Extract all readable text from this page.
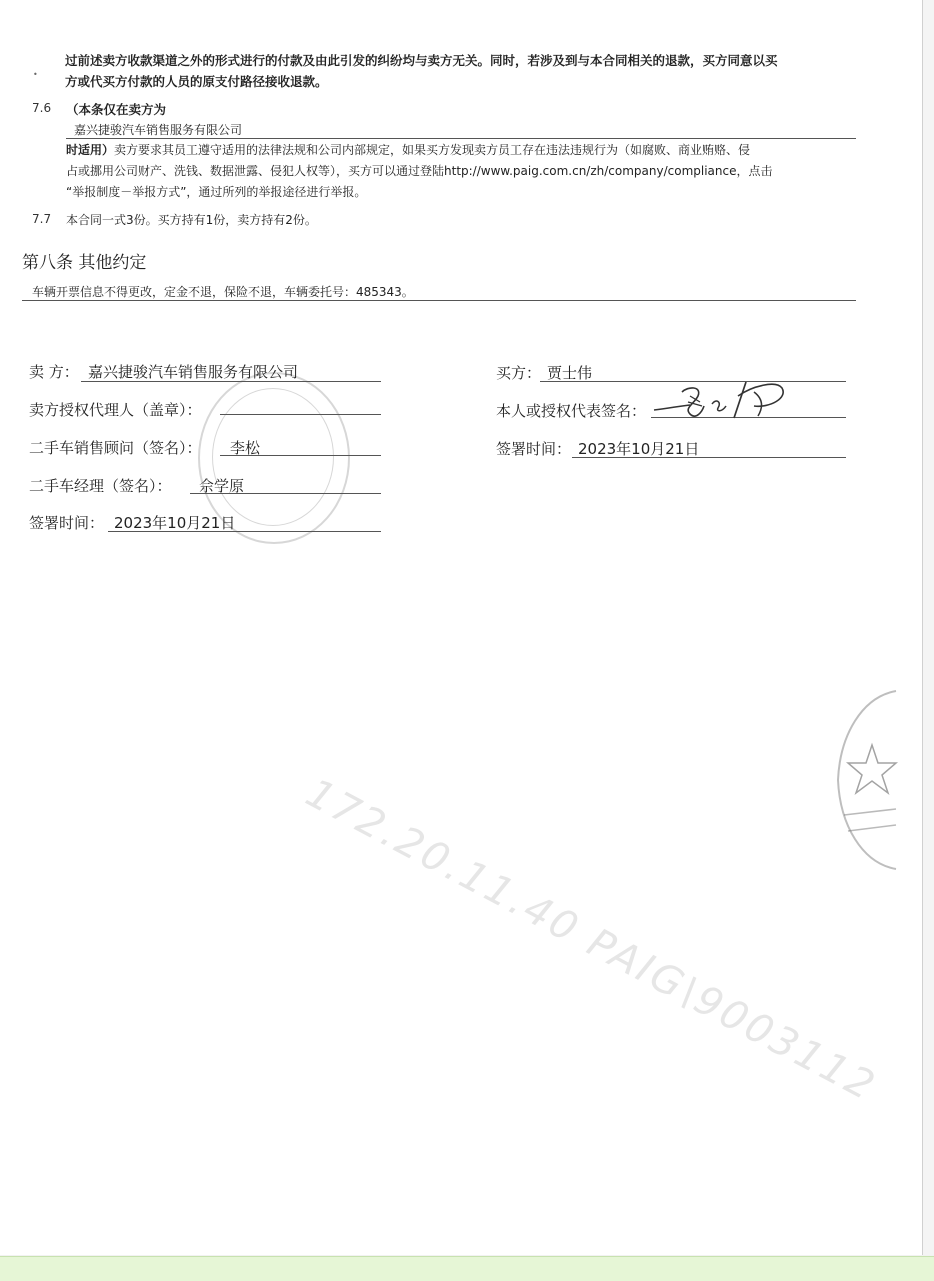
•
过前述卖方收款渠道之外的形式进行的付款及由此引发的纠纷均与卖方无关。同时，若涉及到与本合同相关的退款，买方同意以买
方或代买方付款的人员的原支付路径接收退款。
7.6 （本条仅在卖方为
嘉兴捷骏汽车销售服务有限公司
时适用）卖方要求其员工遵守适用的法律法规和公司内部规定，如果买方发现卖方员工存在违法违规行为（如腐败、商业贿赂、侵
占或挪用公司财产、洗钱、数据泄露、侵犯人权等），买方可以通过登陆http://www.paig.com.cn/zh/company/compliance，点击
“举报制度－举报方式”，通过所列的举报途径进行举报。
7.7 本合同一式3份。买方持有1份，卖方持有2份。
第八条 其他约定
车辆开票信息不得更改，定金不退，保险不退，车辆委托号：485343。
卖 方： 嘉兴捷骏汽车销售服务有限公司
卖方授权代理人（盖章）：
二手车销售顾问（签名）： 李松
二手车经理（签名）： 佘学原
签署时间： 2023年10月21日
买方： 贾士伟
本人或授权代表签名：
签署时间： 2023年10月21日
172.20.11.40 PAIG\9003112
